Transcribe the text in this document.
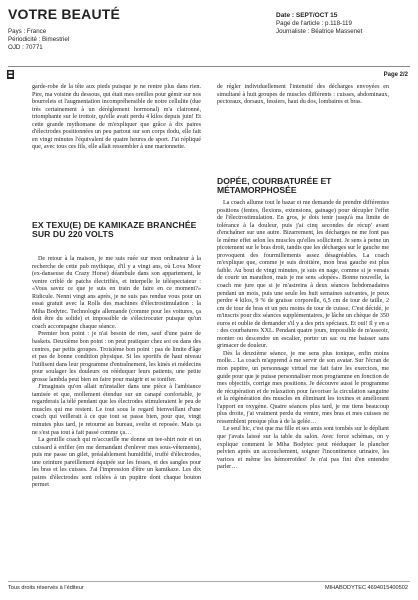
VOTRE BEAUTÉ
Pays : France
Périodicité : Bimestriel
OJD : 70771
Date : SEPT/OCT 15
Page de l'article : p.118-119
Journaliste : Béatrice Massenet
Page 2/2

garde-robe de la tête aux pieds puisque je ne rentre plus dans rien. Pire, ma voisine du dessous, qui était mes oreilles pour gémir sur nos bourrelets et l'augmentation incompréhensible de notre cellulite (due très certainement à un dérèglement hormonal) m'a claironné, triomphante sur le trottoir, qu'elle avait perdu 4 kilos depuis juin! Et cette grande mythomane de m'expliquer que grâce à dix paires d'électrodes positionnées un peu partout sur son corps dodu, elle fait en vingt minutes l'équivalent de quatre heures de sport. J'ai répliqué que, avec tous ces fils, elle allait ressembler à une marionnette.

EX TEXU(E) DE KAMIKAZE BRANCHÉE SUR DU 220 VOLTS

De retour à la maison, je me suis ruée sur mon ordinateur à la recherche de cette pub mythique, d'il y a vingt ans, où Lova Moor (ex-danseuse du Crazy Horse) déambule dans son appartement, le ventre criblé de patchs électrifiés, et interpelle le téléspectateur : «Vous savez ce que je suis en train de faire en ce moment?» Ridicule. Nenni vingt ans après, je ne suis pas rendue vous pour un essai gratuit avec la Rolls des machines d'électrostimulation : la Miha Bodytec. Technologie allemande (comme pour les voitures, ça doit être du solide) et impossible de s'électrocuter puisque qu'un coach accompagne chaque séance.

Premier bon point : je n'ai besoin de rien, sauf d'une paire de baskets. Deuxième bon point : on peut pratiquer chez soi ou dans des centres, par petits groupes. Troisième bon point : pas de limite d'âge et pas de bonne condition physique. Si les sportifs de haut niveau l'utilisent dans leur programme d'entraînement, les kinés et médecins pour soulager les douleurs ou rééduquer leurs patients, une petite grosse lambda peut bien en faire pour maigrir et se tonifier.

J'imaginais qu'on allait m'installer dans une pièce à l'ambiance tamisée et que, mollement étendue sur un canapé confortable, je regarderais la télé pendant que les électrodes stimuleraient le peu de muscles qui me restent. Le tout sous le regard bienveillant d'une coach qui veillerait à ce que tout se passe bien, pour que, vingt minutes plus tard, je retourne au bureau, svelte et reposée. Mais ça ne s'est pas tout à fait passé comme ça…

La gentille coach qui m'accueille me donne un tee-shirt noir et un cuissard à enfiler (en me demandant d'enlever mes sous-vêtements), puis me passe un gilet, préalablement humidifié, truffé d'électrodes, une ceinture pareillement équipée sur les fesses, et des sangles pour les bras et les cuisses. J'ai l'impression d'être un kamikaze. Les dix paires d'électrodes sont reliées à un pupitre dont chaque bouton permet

de régler individuellement l'intensité des décharges envoyées en simultané à huit groupes de muscles différents : cuisses, abdominaux, pectoraux, dorsaux, fessiers, haut du dos, lombaires et bras.

DOPÉE, COURBATURÉE ET MÉTAMORPHOSÉE

La coach allume tout le bazar et me demande de prendre différentes positions (fentes, flexions, extensions, gainage) pour décupler l'effet de l'électrostimulation. En gros, je dois tenir jusqu'à ma limite de tolérance à la douleur, puis j'ai cinq secondes de récup' avant d'enchaîner sur une autre. Bizarrement, les décharges ne me font pas le même effet selon les muscles qu'elles sollicitent. Je sens à peine un picotement sur le bras droit, tandis que les décharges sur le gauche me provoquent des fourmillements assez désagréables. La coach m'explique que, comme je suis droitière, mon bras gauche est plus faible. Au bout de vingt minutes, je suis en nage, comme si je venais de courir un marathon, mais je me sens «dopée». Bonne nouvelle, la coach me jure que si je m'astreins à deux séances hebdomadaires pendant un mois, puis une seule les huit semaines suivantes, je peux perdre 4 kilos, 9 % de graisse corporelle, 6,5 cm de tour de taille, 2 cm de tour de bras et un peu moins de tour de cuisse. C'est décidé, je m'inscris pour dix séances supplémentaires, je lâche un chèque de 350 euros et oublie de demander s'il y a des prix spéciaux. Et oui! Il y en a : des courbatures XXL. Pendant quatre jours, impossible de m'asseoir, monter ou descendre un escalier, porter un sac ou me baisser sans grimacer de douleur.

Dès la deuxième séance, je me sens plus tonique, enfin moins molle... La coach m'apprend à me servir de son avatar. Sur l'écran de mon pupitre, un personnage virtuel me fait faire les exercices, me guide pour que je puisse personnaliser mon programme en fonction de mes objectifs, corrige mes positions. Je découvre aussi le programme de récupération et de relaxation pour favoriser la circulation sanguine et la régénération des muscles en éliminant les toxines et améliorant l'apport en oxygène. Quatre séances plus tard, je me tiens beaucoup plus droite, j'ai vraiment perdu du ventre, mes bras et mes cuisses ne ressemblent presque plus à de la gelée…

Le seul hic, c'est que ma fille et ses amis sont tombés sur le dépliant que j'avais laissé sur la table du salon. Avec force schémas, on y explique comment le Miha Bodytec peut rééduquer le plancher pelvien après un accouchement, soigner l'incontinence urinaire, les varices et même les hémorroïdes! Je n'ai pas fini d'en entendre parler…

Tous droits réservés à l'éditeur	MIHABODYTEC 4694015400502
